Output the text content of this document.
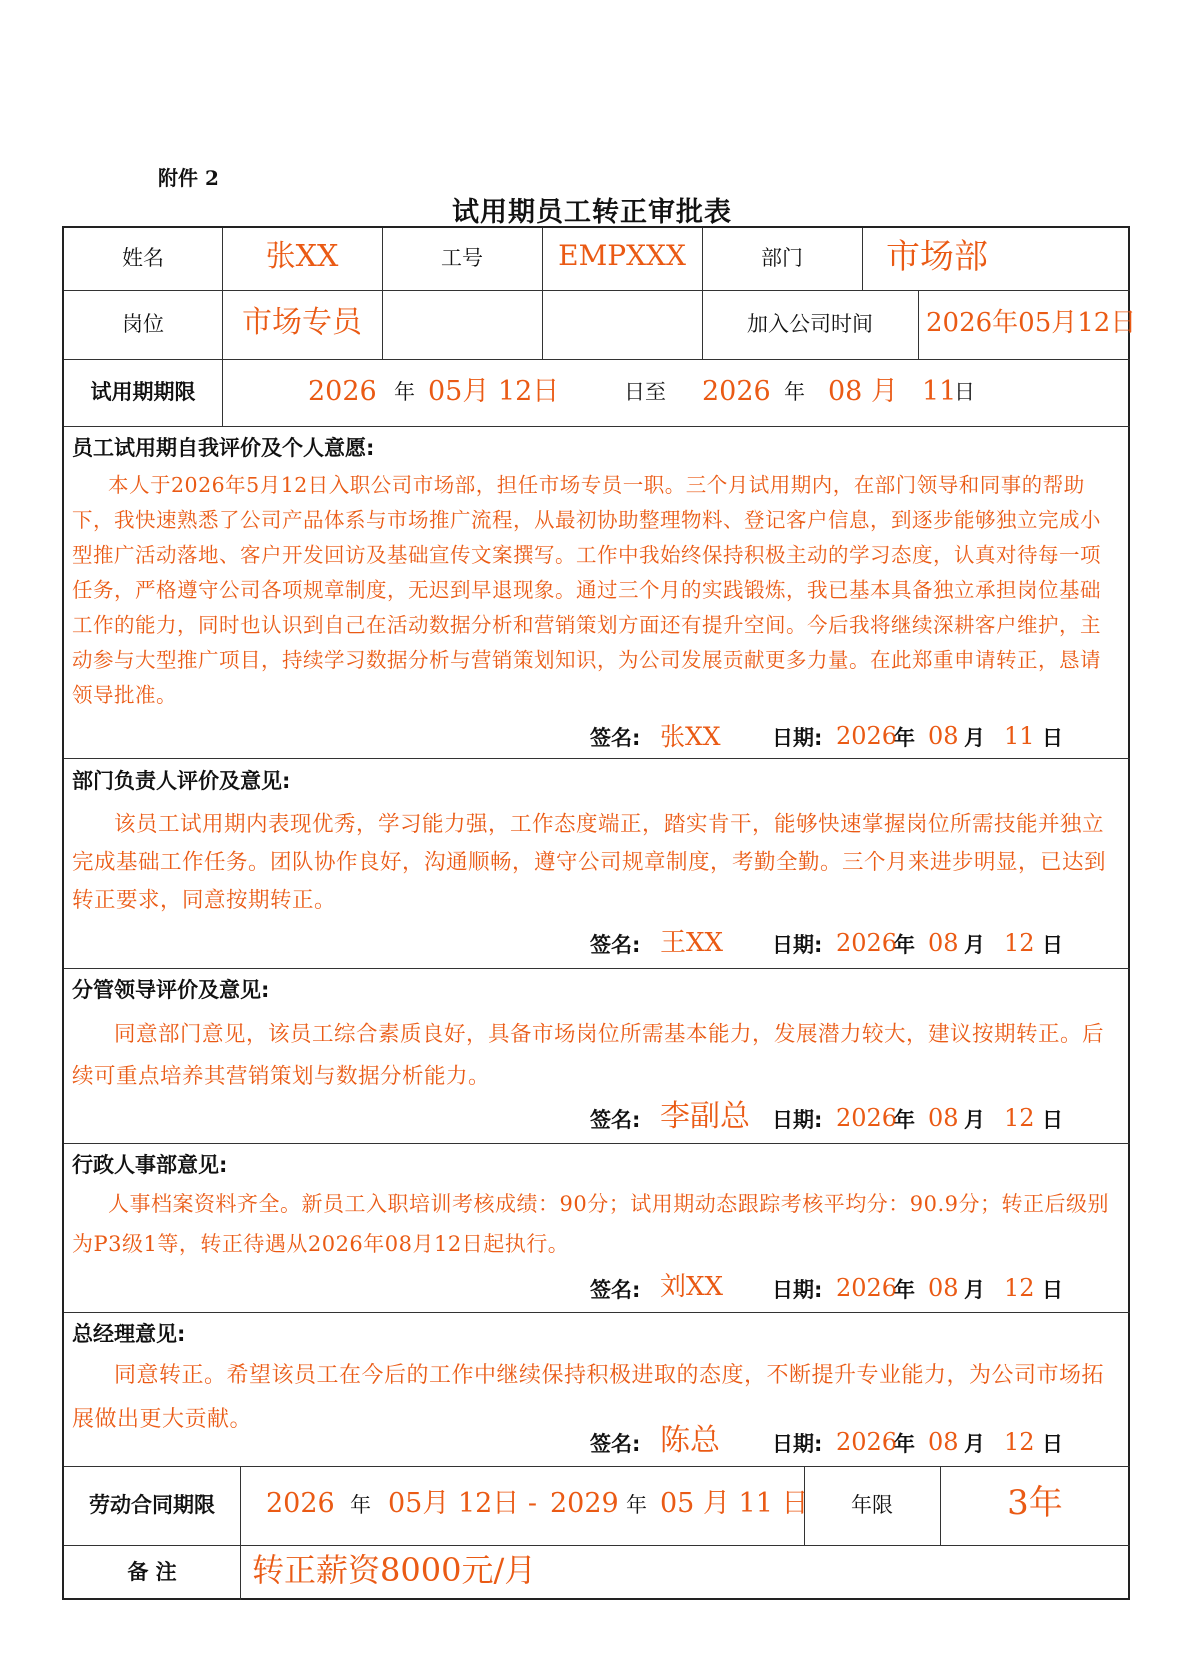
附件 2
试用期员工转正审批表
姓名	张XX	工号	EMPXXX	部门	市场部
岗位	市场专员	加入公司时间	2026年05月12日
试用期期限	2026 年 05月 12日	日至 2026 年 08 月 11
日
员工试用期自我评价及个人意愿:
本人于2026年5月12日入职公司市场部，担任市场专员一职。三个月试用期内，在部门领导和同事的帮助下，我快速熟悉了公司产品体系与市场推广流程，从最初协助整理物料、登记客户信息，到逐步能够独立完成小型推广活动落地、客户开发回访及基础宣传文案撰写。工作中我始终保持积极主动的学习态度，认真对待每一项任务，严格遵守公司各项规章制度，无迟到早退现象。通过三个月的实践锻炼，我已基本具备独立承担岗位基础工作的能力，同时也认识到自己在活动数据分析和营销策划方面还有提升空间。今后我将继续深耕客户维护，主动参与大型推广项目，持续学习数据分析与营销策划知识，为公司发展贡献更多力量。在此郑重申请转正，恳请领导批准。
签名: 张XX 日期: 2026
年 08 月 11 日
部门负责人评价及意见:
该员工试用期内表现优秀，学习能力强，工作态度端正，踏实肯干，能够快速掌握岗位所需技能并独立完成基础工作任务。团队协作良好，沟通顺畅，遵守公司规章制度，考勤全勤。三个月来进步明显，已达到转正要求，同意按期转正。
签名: 王XX 日期: 2026
年 08 月 12 日
分管领导评价及意见:
同意部门意见，该员工综合素质良好，具备市场岗位所需基本能力，发展潜力较大，建议按期转正。后续可重点培养其营销策划与数据分析能力。
签名: 李副总 日期: 2026
年 08 月 12 日
行政人事部意见:
人事档案资料齐全。新员工入职培训考核成绩：90分；试用期动态跟踪考核平均分：90.9分；转正后级别为P3级1等，转正待遇从2026年08月12日起执行。
签名: 刘XX 日期: 2026
年 08 月 12 日
总经理意见:
同意转正。希望该员工在今后的工作中继续保持积极进取的态度，不断提升专业能力，为公司市场拓展做出更大贡献。
签名: 陈总 日期: 2026
年 08 月 12 日
劳动合同期限	2026 年 05月 12日 - 2029 年 05 月 11 日	年限	3年
备 注	转正薪资8000元/月
